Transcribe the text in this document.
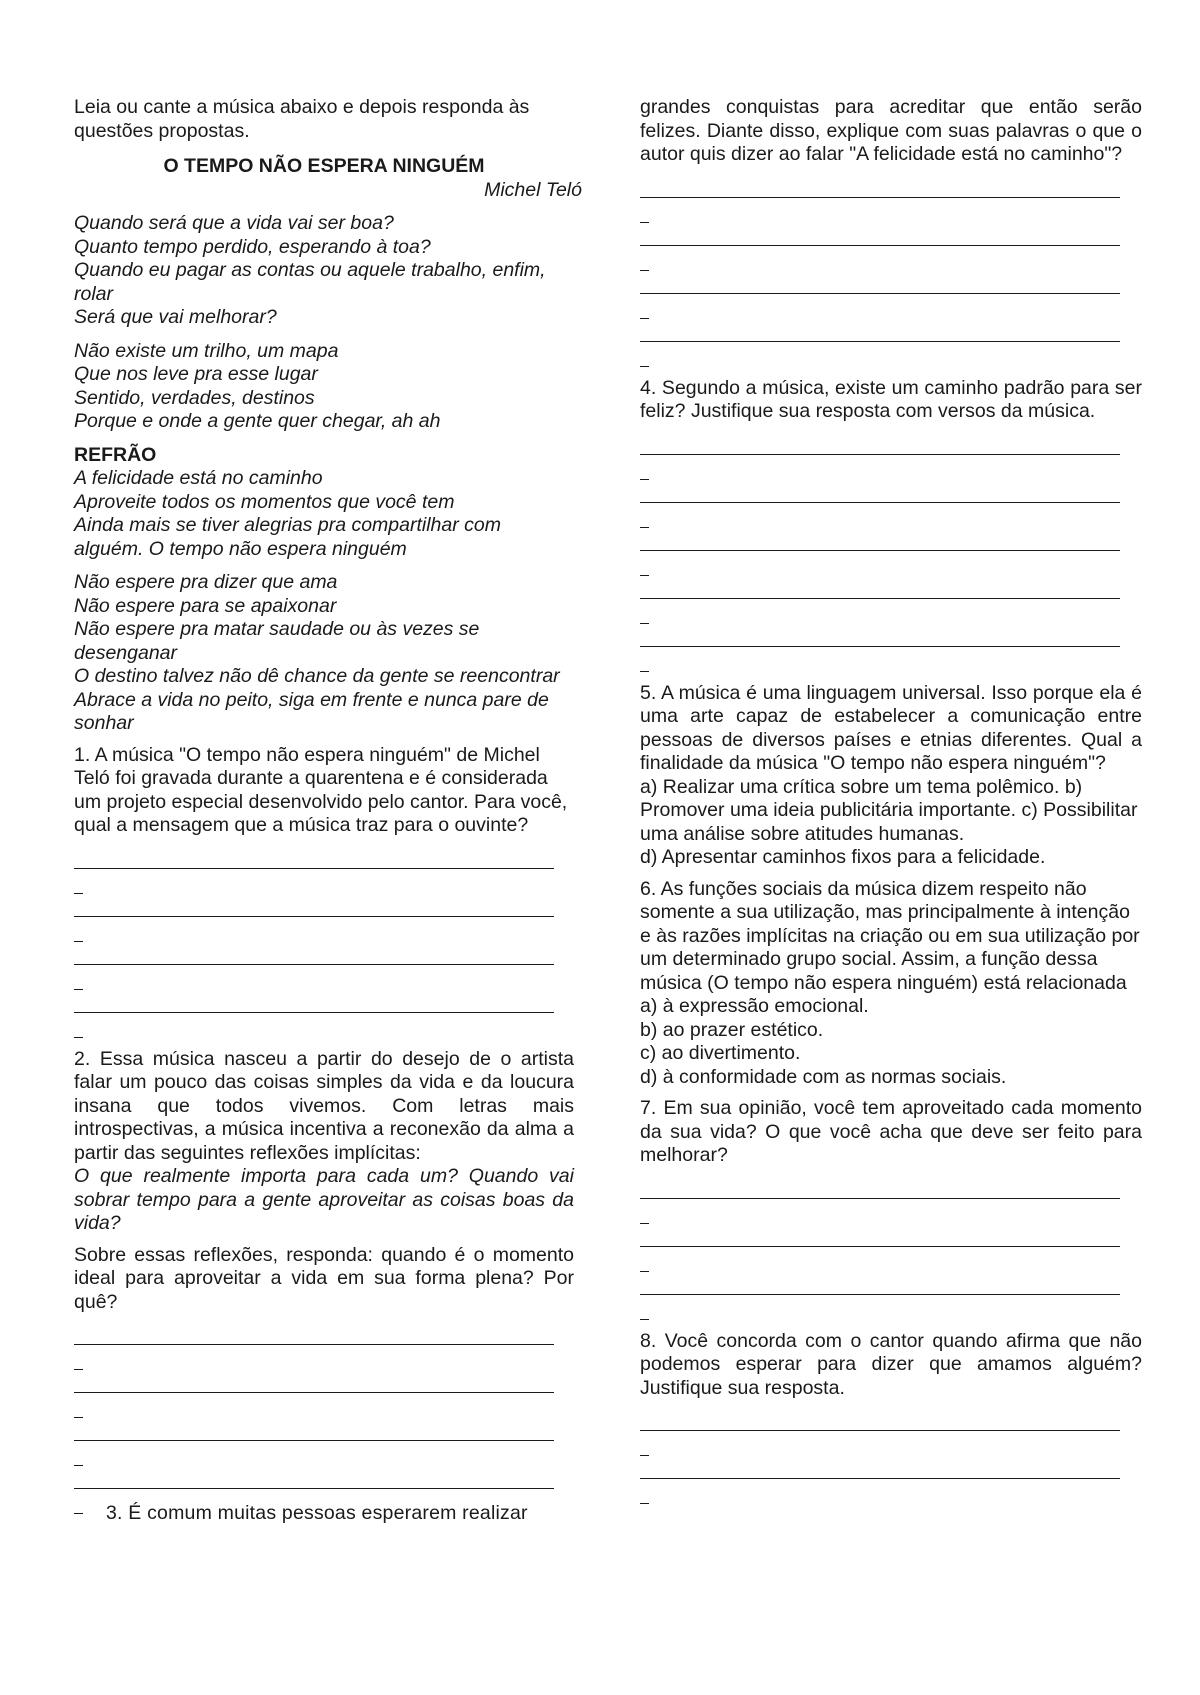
Leia ou cante a música abaixo e depois responda às questões propostas.

O TEMPO NÃO ESPERA NINGUÉM

Michel Teló

Quando será que a vida vai ser boa?

Quanto tempo perdido, esperando à toa?

Quando eu pagar as contas ou aquele trabalho, enfim, rolar

Será que vai melhorar?

Não existe um trilho, um mapa

Que nos leve pra esse lugar

Sentido, verdades, destinos

Porque e onde a gente quer chegar, ah ah

REFRÃO

A felicidade está no caminho

Aproveite todos os momentos que você tem

Ainda mais se tiver alegrias pra compartilhar com alguém. O tempo não espera ninguém

Não espere pra dizer que ama

Não espere para se apaixonar

Não espere pra matar saudade ou às vezes se desenganar

O destino talvez não dê chance da gente se reencontrar

Abrace a vida no peito, siga em frente e nunca pare de sonhar

1. A música "O tempo não espera ninguém" de Michel Teló foi gravada durante a quarentena e é considerada um projeto especial desenvolvido pelo cantor. Para você, qual a mensagem que a música traz para o ouvinte?

2. Essa música nasceu a partir do desejo de o artista falar um pouco das coisas simples da vida e da loucura insana que todos vivemos. Com letras mais introspectivas, a música incentiva a reconexão da alma a partir das seguintes reflexões implícitas:

O que realmente importa para cada um? Quando vai sobrar tempo para a gente aproveitar as coisas boas da vida?

Sobre essas reflexões, responda: quando é o momento ideal para aproveitar a vida em sua forma plena? Por quê?

3. É comum muitas pessoas esperarem realizar

grandes conquistas para acreditar que então serão felizes. Diante disso, explique com suas palavras o que o autor quis dizer ao falar "A felicidade está no caminho"?

4. Segundo a música, existe um caminho padrão para ser feliz? Justifique sua resposta com versos da música.

5. A música é uma linguagem universal. Isso porque ela é uma arte capaz de estabelecer a comunicação entre pessoas de diversos países e etnias diferentes. Qual a finalidade da música "O tempo não espera ninguém"?

a) Realizar uma crítica sobre um tema polêmico. b) Promover uma ideia publicitária importante. c) Possibilitar uma análise sobre atitudes humanas.

d) Apresentar caminhos fixos para a felicidade.

6. As funções sociais da música dizem respeito não somente a sua utilização, mas principalmente à intenção e às razões implícitas na criação ou em sua utilização por um determinado grupo social. Assim, a função dessa música (O tempo não espera ninguém) está relacionada

a) à expressão emocional.

b) ao prazer estético.

c) ao divertimento.

d) à conformidade com as normas sociais.

7. Em sua opinião, você tem aproveitado cada momento da sua vida? O que você acha que deve ser feito para melhorar?

8. Você concorda com o cantor quando afirma que não podemos esperar para dizer que amamos alguém? Justifique sua resposta.
